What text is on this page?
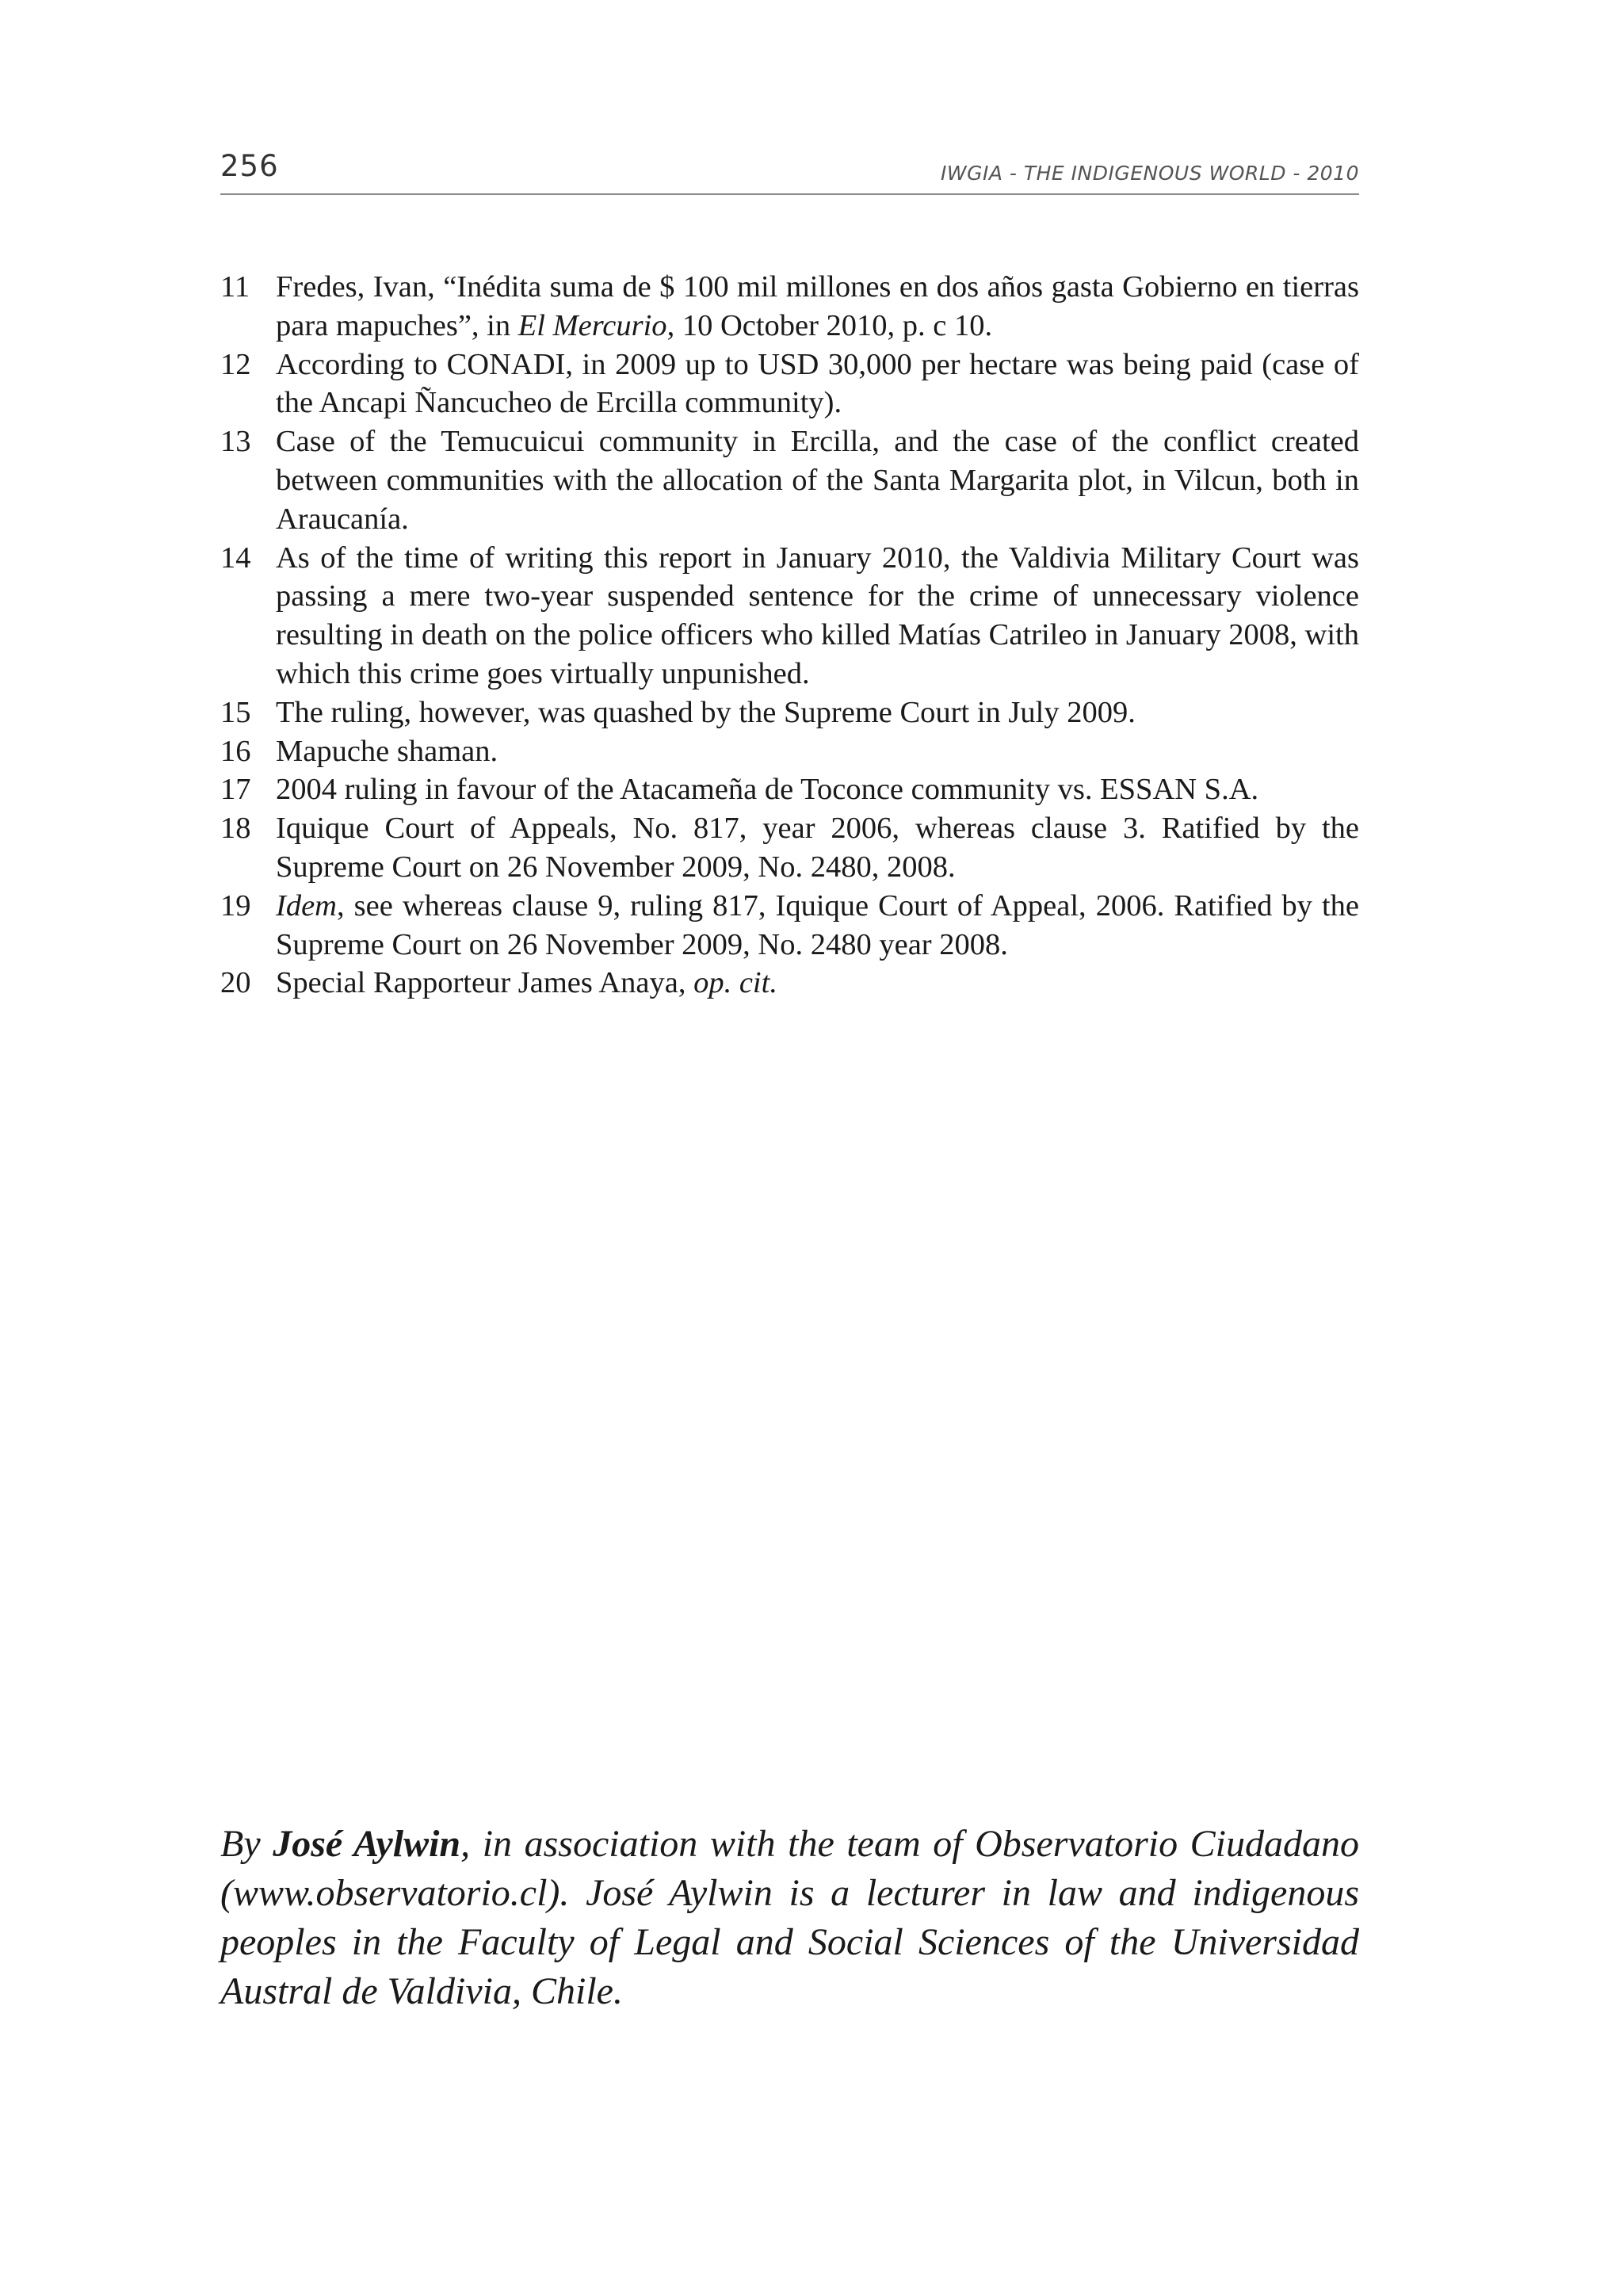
256	IWGIA - THE INDIGENOUS WORLD - 2010
11 Fredes, Ivan, “Inédita suma de $ 100 mil millones en dos años gasta Gobierno en tierras para mapuches”, in El Mercurio, 10 October 2010, p. c 10.
12 According to CONADI, in 2009 up to USD 30,000 per hectare was being paid (case of the Ancapi Ñancucheo de Ercilla community).
13 Case of the Temucuicui community in Ercilla, and the case of the conflict created between communities with the allocation of the Santa Margarita plot, in Vilcun, both in Araucanía.
14 As of the time of writing this report in January 2010, the Valdivia Military Court was passing a mere two-year suspended sentence for the crime of unnecessary violence resulting in death on the police officers who killed Matías Catrileo in January 2008, with which this crime goes virtually unpunished.
15 The ruling, however, was quashed by the Supreme Court in July 2009.
16 Mapuche shaman.
17 2004 ruling in favour of the Atacameña de Toconce community vs. ESSAN S.A.
18 Iquique Court of Appeals, No. 817, year 2006, whereas clause 3. Ratified by the Supreme Court on 26 November 2009, No. 2480, 2008.
19 Idem, see whereas clause 9, ruling 817, Iquique Court of Appeal, 2006. Ratified by the Supreme Court on 26 November 2009, No. 2480 year 2008.
20 Special Rapporteur James Anaya, op. cit.
By José Aylwin, in association with the team of Observatorio Ciudadano (www.observatorio.cl). José Aylwin is a lecturer in law and indigenous peoples in the Faculty of Legal and Social Sciences of the Universidad Austral de Valdivia, Chile.
